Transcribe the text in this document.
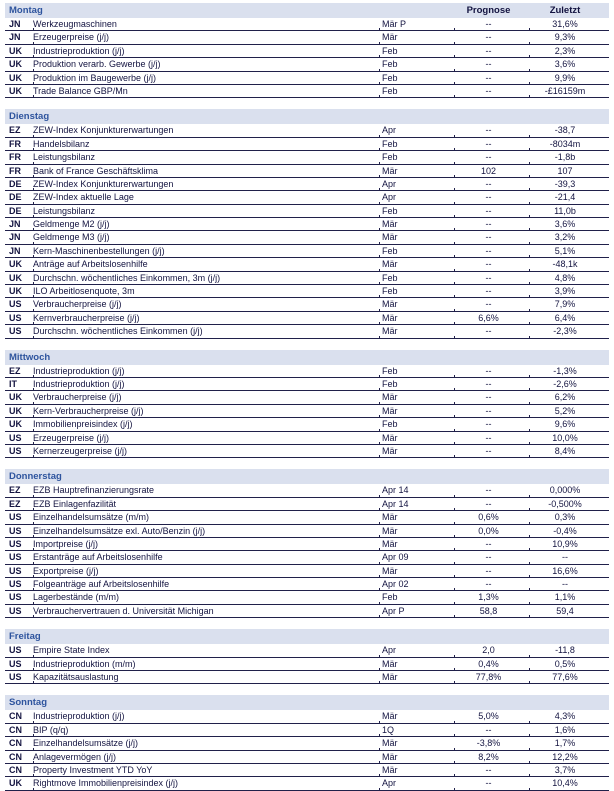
Montag	Prognose	Zuletzt
JN	Werkzeugmaschinen	Mär P	--	31,6%
JN	Erzeugerpreise (j/j)	Mär	--	9,3%
UK	Industrieproduktion (j/j)	Feb	--	2,3%
UK	Produktion verarb. Gewerbe (j/j)	Feb	--	3,6%
UK	Produktion im Baugewerbe (j/j)	Feb	--	9,9%
UK	Trade Balance GBP/Mn	Feb	--	-£16159m
Dienstag
EZ	ZEW-Index Konjunkturerwartungen	Apr	--	-38,7
FR	Handelsbilanz	Feb	--	-8034m
FR	Leistungsbilanz	Feb	--	-1,8b
FR	Bank of France Geschäftsklima	Mär	102	107
DE	ZEW-Index Konjunkturerwartungen	Apr	--	-39,3
DE	ZEW-Index aktuelle Lage	Apr	--	-21,4
DE	Leistungsbilanz	Feb	--	11,0b
JN	Geldmenge M2 (j/j)	Mär	--	3,6%
JN	Geldmenge M3 (j/j)	Mär	--	3,2%
JN	Kern-Maschinenbestellungen (j/j)	Feb	--	5,1%
UK	Anträge auf Arbeitslosenhilfe	Mär	--	-48,1k
UK	Durchschn. wöchentliches Einkommen, 3m (j/j)	Feb	--	4,8%
UK	ILO Arbeitlosenquote, 3m	Feb	--	3,9%
US	Verbraucherpreise (j/j)	Mär	--	7,9%
US	Kernverbraucherpreise (j/j)	Mär	6,6%	6,4%
US	Durchschn. wöchentliches Einkommen (j/j)	Mär	--	-2,3%
Mittwoch
EZ	Industrieproduktion (j/j)	Feb	--	-1,3%
IT	Industrieproduktion (j/j)	Feb	--	-2,6%
UK	Verbraucherpreise (j/j)	Mär	--	6,2%
UK	Kern-Verbraucherpreise (j/j)	Mär	--	5,2%
UK	Immobilienpreisindex (j/j)	Feb	--	9,6%
US	Erzeugerpreise (j/j)	Mär	--	10,0%
US	Kernerzeugerpreise (j/j)	Mär	--	8,4%
Donnerstag
EZ	EZB Hauptrefinanzierungsrate	Apr 14	--	0,000%
EZ	EZB Einlagenfazilität	Apr 14	--	-0,500%
US	Einzelhandelsumsätze (m/m)	Mär	0,6%	0,3%
US	Einzelhandelsumsätze exl. Auto/Benzin (j/j)	Mär	0,0%	-0,4%
US	Importpreise (j/j)	Mär	--	10,9%
US	Erstanträge auf Arbeitslosenhilfe	Apr 09	--	--
US	Exportpreise (j/j)	Mär	--	16,6%
US	Folgeanträge auf Arbeitslosenhilfe	Apr 02	--	--
US	Lagerbestände (m/m)	Feb	1,3%	1,1%
US	Verbrauchervertrauen d. Universität Michigan	Apr P	58,8	59,4
Freitag
US	Empire State Index	Apr	2,0	-11,8
US	Industrieproduktion (m/m)	Mär	0,4%	0,5%
US	Kapazitätsauslastung	Mär	77,8%	77,6%
Sonntag
CN	Industrieproduktion (j/j)	Mär	5,0%	4,3%
CN	BIP (q/q)	1Q	--	1,6%
CN	Einzelhandelsumsätze (j/j)	Mär	-3,8%	1,7%
CN	Anlagevermögen (j/j)	Mär	8,2%	12,2%
CN	Property Investment YTD YoY	Mär	--	3,7%
UK	Rightmove Immobilienpreisindex (j/j)	Apr	--	10,4%
